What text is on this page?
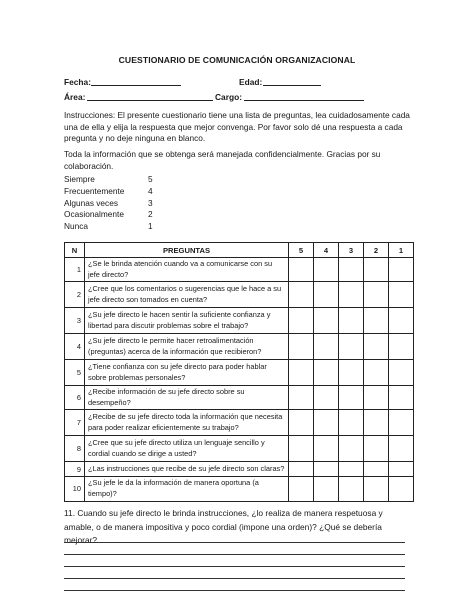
CUESTIONARIO DE COMUNICACIÓN ORGANIZACIONAL
Fecha:	Edad:
Área:	Cargo:
Instrucciones: El presente cuestionario tiene una lista de preguntas, lea cuidadosamente cada una de ella y elija la respuesta que mejor convenga. Por favor solo dé una respuesta a cada pregunta y no deje ninguna en blanco.
Toda la información que se obtenga será manejada confidencialmente. Gracias por su colaboración.
Siempre	5
Frecuentemente	4
Algunas veces	3
Ocasionalmente	2
Nunca	1
N	PREGUNTAS	5	4	3	2	1
1	¿Se le brinda atención cuando va a comunicarse con su jefe directo?					
2	¿Cree que los comentarios o sugerencias que le hace a su jefe directo son tomados en cuenta?					
3	¿Su jefe directo le hacen sentir la suficiente confianza y libertad para discutir problemas sobre el trabajo?					
4	¿Su jefe directo le permite hacer retroalimentación (preguntas) acerca de la información que recibieron?					
5	¿Tiene confianza con su jefe directo para poder hablar sobre problemas personales?					
6	¿Recibe información de su jefe directo sobre su desempeño?					
7	¿Recibe de su jefe directo toda la información que necesita para poder realizar eficientemente su trabajo?					
8	¿Cree que su jefe directo utiliza un lenguaje sencillo y cordial cuando se dirige a usted?					
9	¿Las instrucciones que recibe de su jefe directo son claras?					
10	¿Su jefe le da la información de manera oportuna (a tiempo)?					
11. Cuando su jefe directo le brinda instrucciones, ¿lo realiza de manera respetuosa y amable, o de manera impositiva y poco cordial (impone una orden)? ¿Qué se debería mejorar?
